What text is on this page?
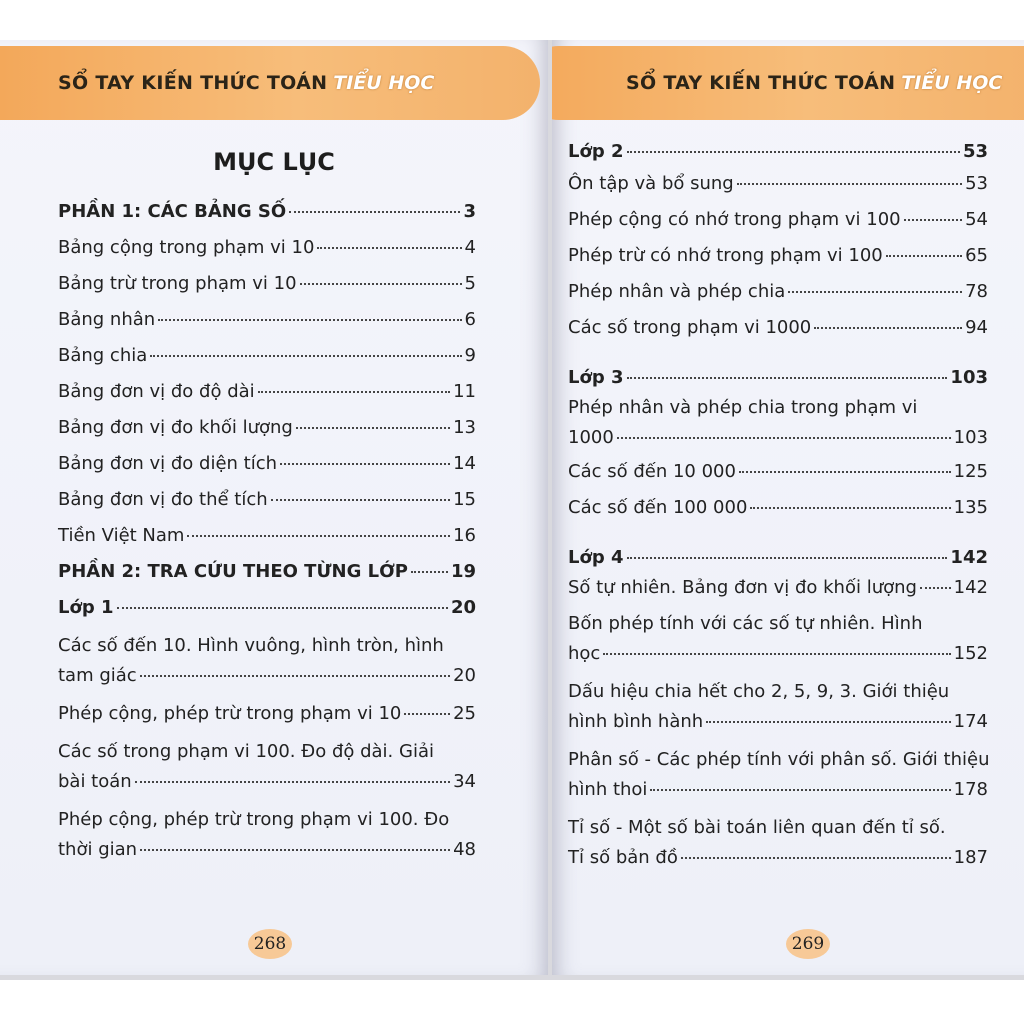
SỔ TAY KIẾN THỨC TOÁN TIỂU HỌC
MỤC LỤC
PHẦN 1: CÁC BẢNG SỐ	3
Bảng cộng trong phạm vi 10	4
Bảng trừ trong phạm vi 10	5
Bảng nhân	6
Bảng chia	9
Bảng đơn vị đo độ dài	11
Bảng đơn vị đo khối lượng	13
Bảng đơn vị đo diện tích	14
Bảng đơn vị đo thể tích	15
Tiền Việt Nam	16
PHẦN 2: TRA CỨU THEO TỪNG LỚP 19
Lớp 1	20
Các số đến 10. Hình vuông, hình tròn, hình
tam giác	20
Phép cộng, phép trừ trong phạm vi 10	25
Các số trong phạm vi 100. Đo độ dài. Giải
bài toán	34
Phép cộng, phép trừ trong phạm vi 100. Đo
thời gian	48
268
SỔ TAY KIẾN THỨC TOÁN TIỂU HỌC
Lớp 2	53
Ôn tập và bổ sung	53
Phép cộng có nhớ trong phạm vi 100	54
Phép trừ có nhớ trong phạm vi 100	65
Phép nhân và phép chia	78
Các số trong phạm vi 1000	94
Lớp 3	103
Phép nhân và phép chia trong phạm vi
1000	103
Các số đến 10 000	125
Các số đến 100 000	135
Lớp 4	142
Số tự nhiên. Bảng đơn vị đo khối lượng 142
Bốn phép tính với các số tự nhiên. Hình
học	152
Dấu hiệu chia hết cho 2, 5, 9, 3. Giới thiệu
hình bình hành	174
Phân số - Các phép tính với phân số. Giới thiệu
hình thoi	178
Tỉ số - Một số bài toán liên quan đến tỉ số.
Tỉ số bản đồ	187
269
